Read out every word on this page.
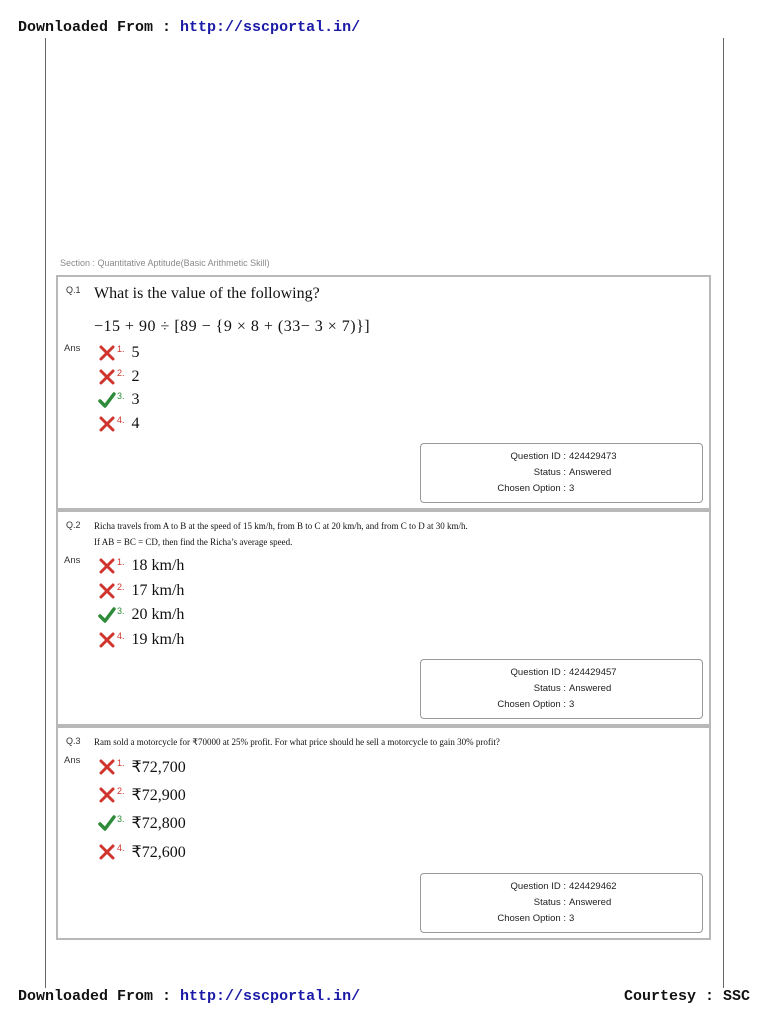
Downloaded From : http://sscportal.in/
Section : Quantitative Aptitude(Basic Arithmetic Skill)
Q.1 What is the value of the following?
−15 + 90 ÷ [89 − {9 × 8 + (33− 3 × 7)}]
Ans	1. 5
2. 2
3. 3
4. 4
Question ID : 424429473
Status : Answered
Chosen Option : 3
Q.2 Richa travels from A to B at the speed of 15 km/h, from B to C at 20 km/h, and from C to D at 30 km/h.
If AB = BC = CD, then find the Richa’s average speed.
Ans	1. 18 km/h
2. 17 km/h
3. 20 km/h
4. 19 km/h
Question ID : 424429457
Status : Answered
Chosen Option : 3
Q.3 Ram sold a motorcycle for ₹70000 at 25% profit. For what price should he sell a motorcycle to gain 30% profit?
Ans	1. ₹72,700
2. ₹72,900
3. ₹72,800
4. ₹72,600
Question ID : 424429462
Status : Answered
Chosen Option : 3
Downloaded From : http://sscportal.in/	Courtesy : SSC
